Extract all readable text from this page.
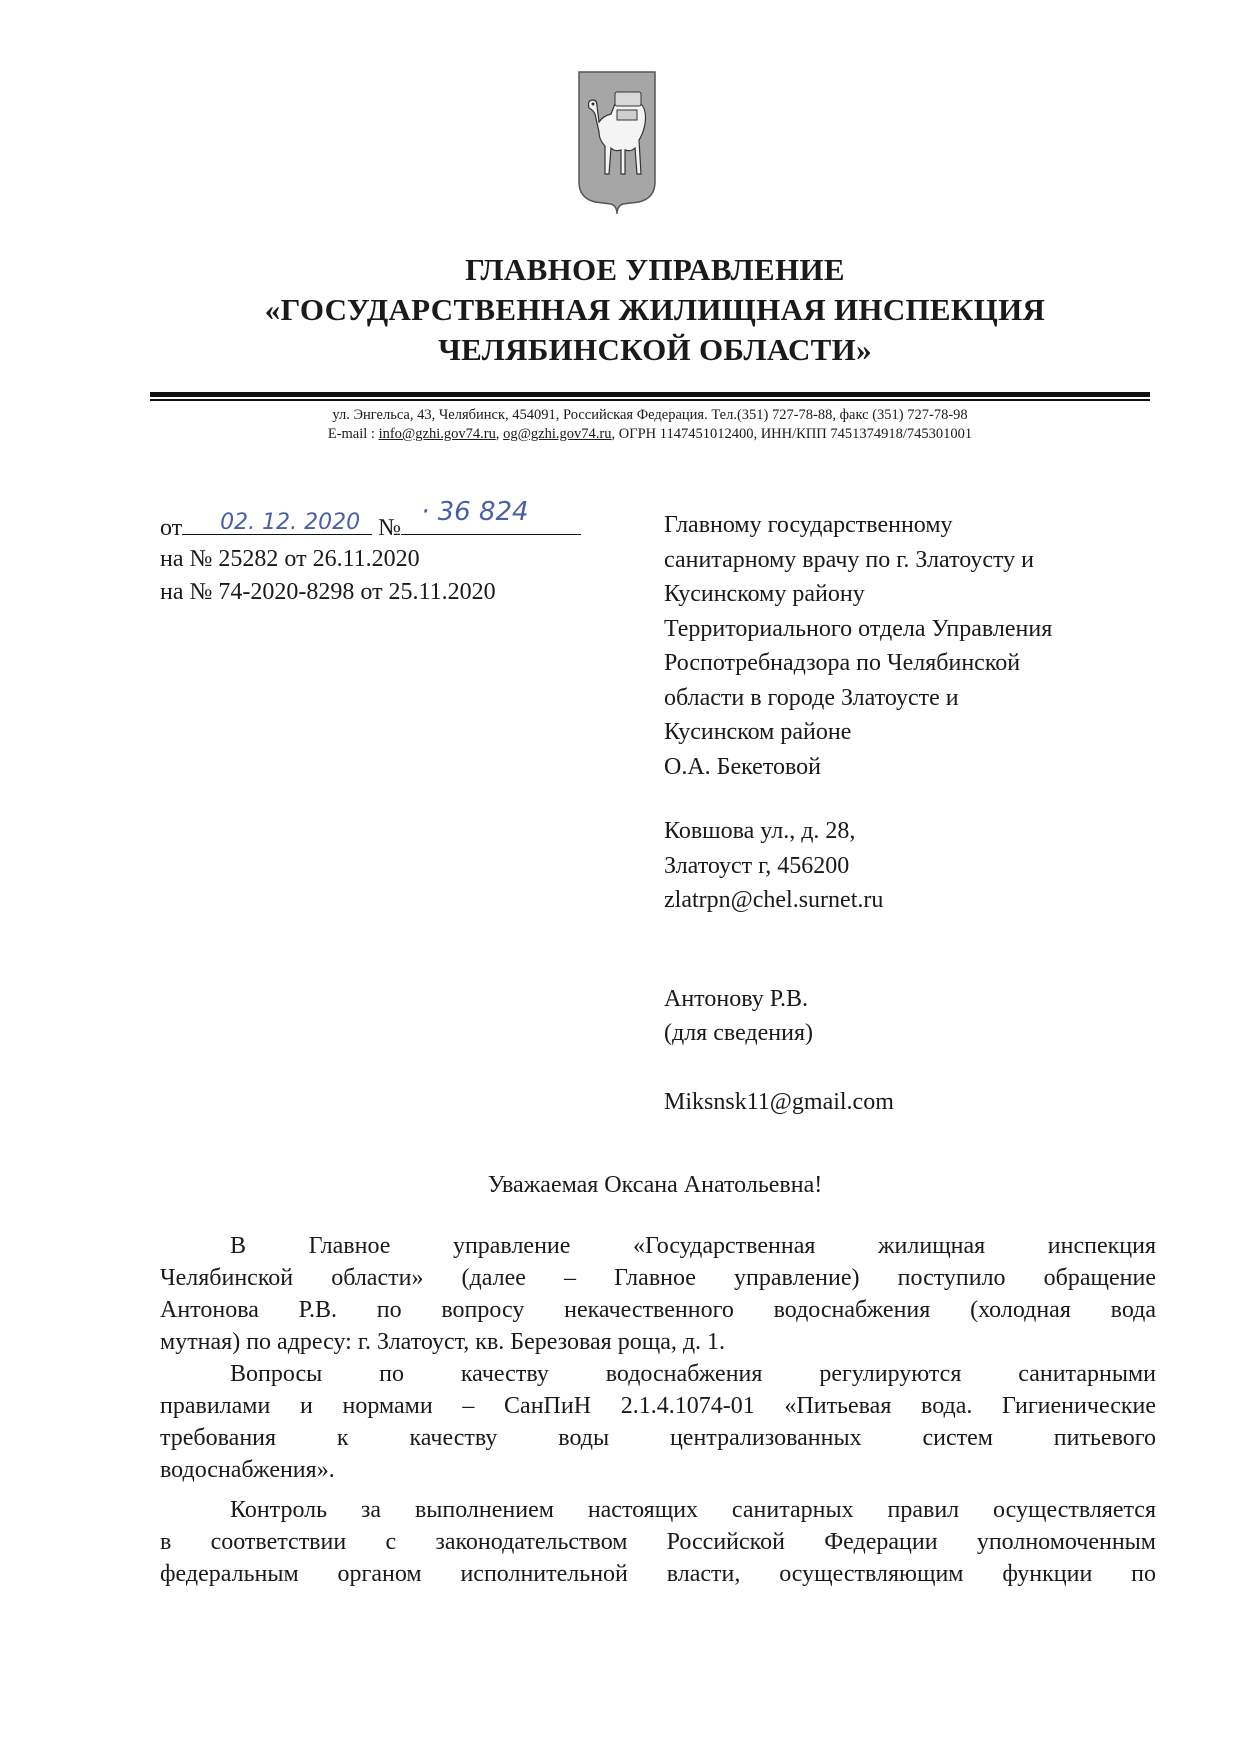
ГЛАВНОЕ УПРАВЛЕНИЕ
«ГОСУДАРСТВЕННАЯ ЖИЛИЩНАЯ ИНСПЕКЦИЯ
ЧЕЛЯБИНСКОЙ ОБЛАСТИ»
ул. Энгельса, 43, Челябинск, 454091, Российская Федерация. Тел.(351) 727-78-88, факс (351) 727-78-98
E-mail : info@gzhi.gov74.ru, og@gzhi.gov74.ru, ОГРН 1147451012400, ИНН/КПП 7451374918/745301001
от 02. 12. 2020 №
· 36 824
на № 25282 от 26.11.2020
на № 74-2020-8298 от 25.11.2020
Главному государственному
санитарному врачу по г. Златоусту и
Кусинскому району
Территориального отдела Управления
Роспотребнадзора по Челябинской
области в городе Златоусте и
Кусинском районе
О.А. Бекетовой
Ковшова ул., д. 28,
Златоуст г, 456200
zlatrpn@chel.surnet.ru
Антонову Р.В.
(для сведения)
Miksnsk11@gmail.com
Уважаемая Оксана Анатольевна!
В Главное управление «Государственная жилищная инспекция
Челябинской области» (далее – Главное управление) поступило обращение
Антонова Р.В. по вопросу некачественного водоснабжения (холодная вода
мутная) по адресу: г. Златоуст, кв. Березовая роща, д. 1.
Вопросы по качеству водоснабжения регулируются санитарными
правилами и нормами – СанПиН 2.1.4.1074-01 «Питьевая вода. Гигиенические
требования к качеству воды централизованных систем питьевого
водоснабжения».
Контроль за выполнением настоящих санитарных правил осуществляется
в соответствии с законодательством Российской Федерации уполномоченным
федеральным органом исполнительной власти, осуществляющим функции по
